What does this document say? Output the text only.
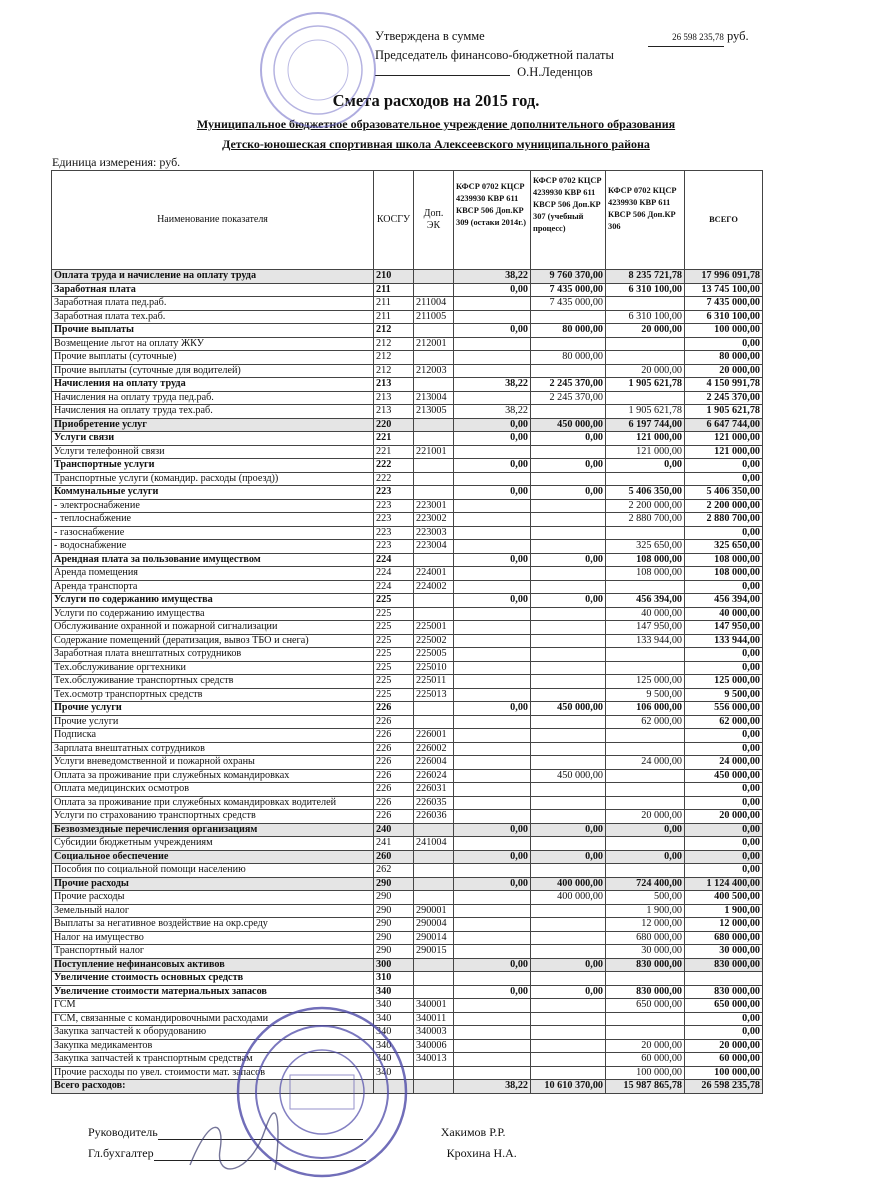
Утверждена в сумме	26 598 235,78 руб.
Председатель финансово-бюджетной палаты
О.Н.Леденцов
Смета расходов на 2015 год.
Муниципальное бюджетное образовательное учреждение дополнительного образования
Детско-юношеская спортивная школа Алексеевского муниципального района
Единица измерения: руб.
Наименование показателя	КОСГУ	Доп. ЭК	КФСР 0702 КЦСР 4239930 КВР 611 КВСР 506 Доп.КР 309 (остаки 2014г.)	КФСР 0702 КЦСР 4239930 КВР 611 КВСР 506 Доп.КР 307 (учебный процесс)	КФСР 0702 КЦСР 4239930 КВР 611 КВСР 506 Доп.КР 306	ВСЕГО
Оплата труда и начисление на оплату труда	210		38,22	9 760 370,00	8 235 721,78	17 996 091,78
Заработная плата	211		0,00	7 435 000,00	6 310 100,00	13 745 100,00
Заработная плата пед.раб.	211	211004		7 435 000,00		7 435 000,00
Заработная плата тех.раб.	211	211005			6 310 100,00	6 310 100,00
Прочие выплаты	212		0,00	80 000,00	20 000,00	100 000,00
Возмещение льгот на оплату ЖКУ	212	212001				0,00
Прочие выплаты (суточные)	212			80 000,00		80 000,00
Прочие выплаты (суточные для водителей)	212	212003			20 000,00	20 000,00
Начисления на оплату труда	213		38,22	2 245 370,00	1 905 621,78	4 150 991,78
Начисления на оплату труда пед.раб.	213	213004		2 245 370,00		2 245 370,00
Начисления на оплату труда тех.раб.	213	213005	38,22		1 905 621,78	1 905 621,78
Приобретение услуг	220		0,00	450 000,00	6 197 744,00	6 647 744,00
Услуги связи	221		0,00	0,00	121 000,00	121 000,00
Услуги телефонной связи	221	221001			121 000,00	121 000,00
Транспортные услуги	222		0,00	0,00	0,00	0,00
Транспортные услуги (командир. расходы (проезд))	222					0,00
Коммунальные услуги	223		0,00	0,00	5 406 350,00	5 406 350,00
- электроснабжение	223	223001			2 200 000,00	2 200 000,00
- теплоснабжение	223	223002			2 880 700,00	2 880 700,00
- газоснабжение	223	223003				0,00
- водоснабжение	223	223004			325 650,00	325 650,00
Арендная плата за пользование имуществом	224		0,00	0,00	108 000,00	108 000,00
Аренда помещения	224	224001			108 000,00	108 000,00
Аренда транспорта	224	224002				0,00
Услуги по содержанию имущества	225		0,00	0,00	456 394,00	456 394,00
Услуги по содержанию имущества	225				40 000,00	40 000,00
Обслуживание охранной и пожарной сигнализации	225	225001			147 950,00	147 950,00
Содержание помещений (дератизация, вывоз ТБО и снега)	225	225002			133 944,00	133 944,00
Заработная плата внештатных сотрудников	225	225005				0,00
Тех.обслуживание оргтехники	225	225010				0,00
Тех.обслуживание транспортных средств	225	225011			125 000,00	125 000,00
Тех.осмотр транспортных средств	225	225013			9 500,00	9 500,00
Прочие услуги	226		0,00	450 000,00	106 000,00	556 000,00
Прочие услуги	226				62 000,00	62 000,00
Подписка	226	226001				0,00
Зарплата внештатных сотрудников	226	226002				0,00
Услуги вневедомственной и пожарной охраны	226	226004			24 000,00	24 000,00
Оплата за проживание при служебных командировках	226	226024		450 000,00		450 000,00
Оплата медицинских осмотров	226	226031				0,00
Оплата за проживание при служебных командировках водителей	226	226035				0,00
Услуги по страхованию транспортных средств	226	226036			20 000,00	20 000,00
Безвозмездные перечисления организациям	240		0,00	0,00	0,00	0,00
Субсидии бюджетным учреждениям	241	241004				0,00
Социальное обеспечение	260		0,00	0,00	0,00	0,00
Пособия по социальной помощи населению	262					0,00
Прочие расходы	290		0,00	400 000,00	724 400,00	1 124 400,00
Прочие расходы	290			400 000,00	500,00	400 500,00
Земельный налог	290	290001			1 900,00	1 900,00
Выплаты за негативное воздействие на окр.среду	290	290004			12 000,00	12 000,00
Налог на имущество	290	290014			680 000,00	680 000,00
Транспортный налог	290	290015			30 000,00	30 000,00
Поступление нефинансовых активов	300		0,00	0,00	830 000,00	830 000,00
Увеличение стоимость основных средств	310					
Увеличение стоимости материальных запасов	340		0,00	0,00	830 000,00	830 000,00
ГСМ	340	340001			650 000,00	650 000,00
ГСМ, связанные с командировочными расходами	340	340011				0,00
Закупка запчастей к оборудованию	340	340003				0,00
Закупка медикаментов	340	340006			20 000,00	20 000,00
Закупка запчастей к транспортным средствам	340	340013			60 000,00	60 000,00
Прочие расходы по увел. стоимости мат. запасов	340				100 000,00	100 000,00
Всего расходов:			38,22	10 610 370,00	15 987 865,78	26 598 235,78
Руководитель	Хакимов Р.Р.
Гл.бухгалтер	Крохина Н.А.
